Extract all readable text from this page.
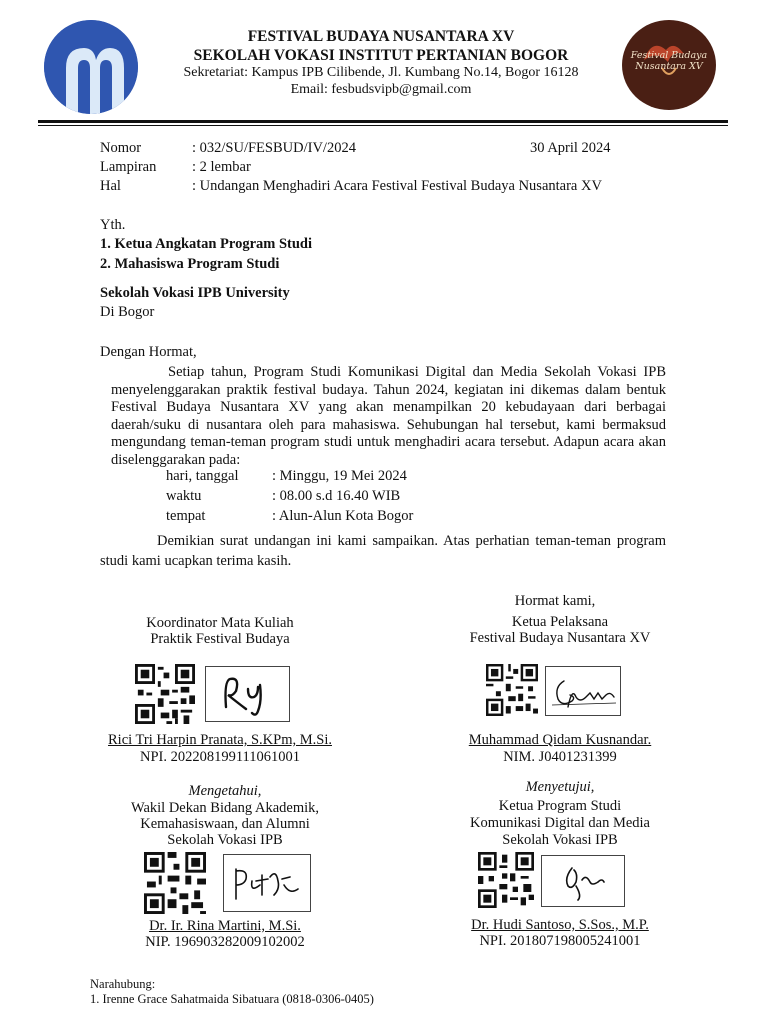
FESTIVAL BUDAYA NUSANTARA XV
SEKOLAH VOKASI INSTITUT PERTANIAN BOGOR
Sekretariat: Kampus IPB Cilibende, Jl. Kumbang No.14, Bogor 16128
Email: fesbudsvipb@gmail.com
Festival Budaya
Nusantara XV
Nomor	: 032/SU/FESBUD/IV/2024	30 April 2024
Lampiran : 2 lembar
Hal	: Undangan Menghadiri Acara Festival Festival Budaya Nusantara XV
Yth.
1. Ketua Angkatan Program Studi
2. Mahasiswa Program Studi
Sekolah Vokasi IPB University
Di Bogor
Dengan Hormat,
Setiap tahun, Program Studi Komunikasi Digital dan Media Sekolah Vokasi IPB menyelenggarakan praktik festival budaya. Tahun 2024, kegiatan ini dikemas dalam bentuk Festival Budaya Nusantara XV yang akan menampilkan 20 kebudayaan dari berbagai daerah/suku di nusantara oleh para mahasiswa. Sehubungan hal tersebut, kami bermaksud mengundang teman-teman program studi untuk menghadiri acara tersebut. Adapun acara akan diselenggarakan pada:
hari, tanggal : Minggu, 19 Mei 2024
waktu	: 08.00 s.d 16.40 WIB
tempat	: Alun-Alun Kota Bogor
Demikian surat undangan ini kami sampaikan. Atas perhatian teman-teman program studi kami ucapkan terima kasih.
Hormat kami,
Koordinator Mata Kuliah
Praktik Festival Budaya
Ketua Pelaksana
Festival Budaya Nusantara XV
Rici Tri Harpin Pranata, S.KPm, M.Si.
NPI. 202208199111061001
Muhammad Qidam Kusnandar.
NIM. J0401231399
Mengetahui,
Wakil Dekan Bidang Akademik,
Kemahasiswaan, dan Alumni
Sekolah Vokasi IPB
Menyetujui,
Ketua Program Studi
Komunikasi Digital dan Media
Sekolah Vokasi IPB
Dr. Ir. Rina Martini, M.Si.
NIP. 196903282009102002
Dr. Hudi Santoso, S.Sos., M.P.
NPI. 201807198005241001
Narahubung:
1. Irenne Grace Sahatmaida Sibatuara (0818-0306-0405)
